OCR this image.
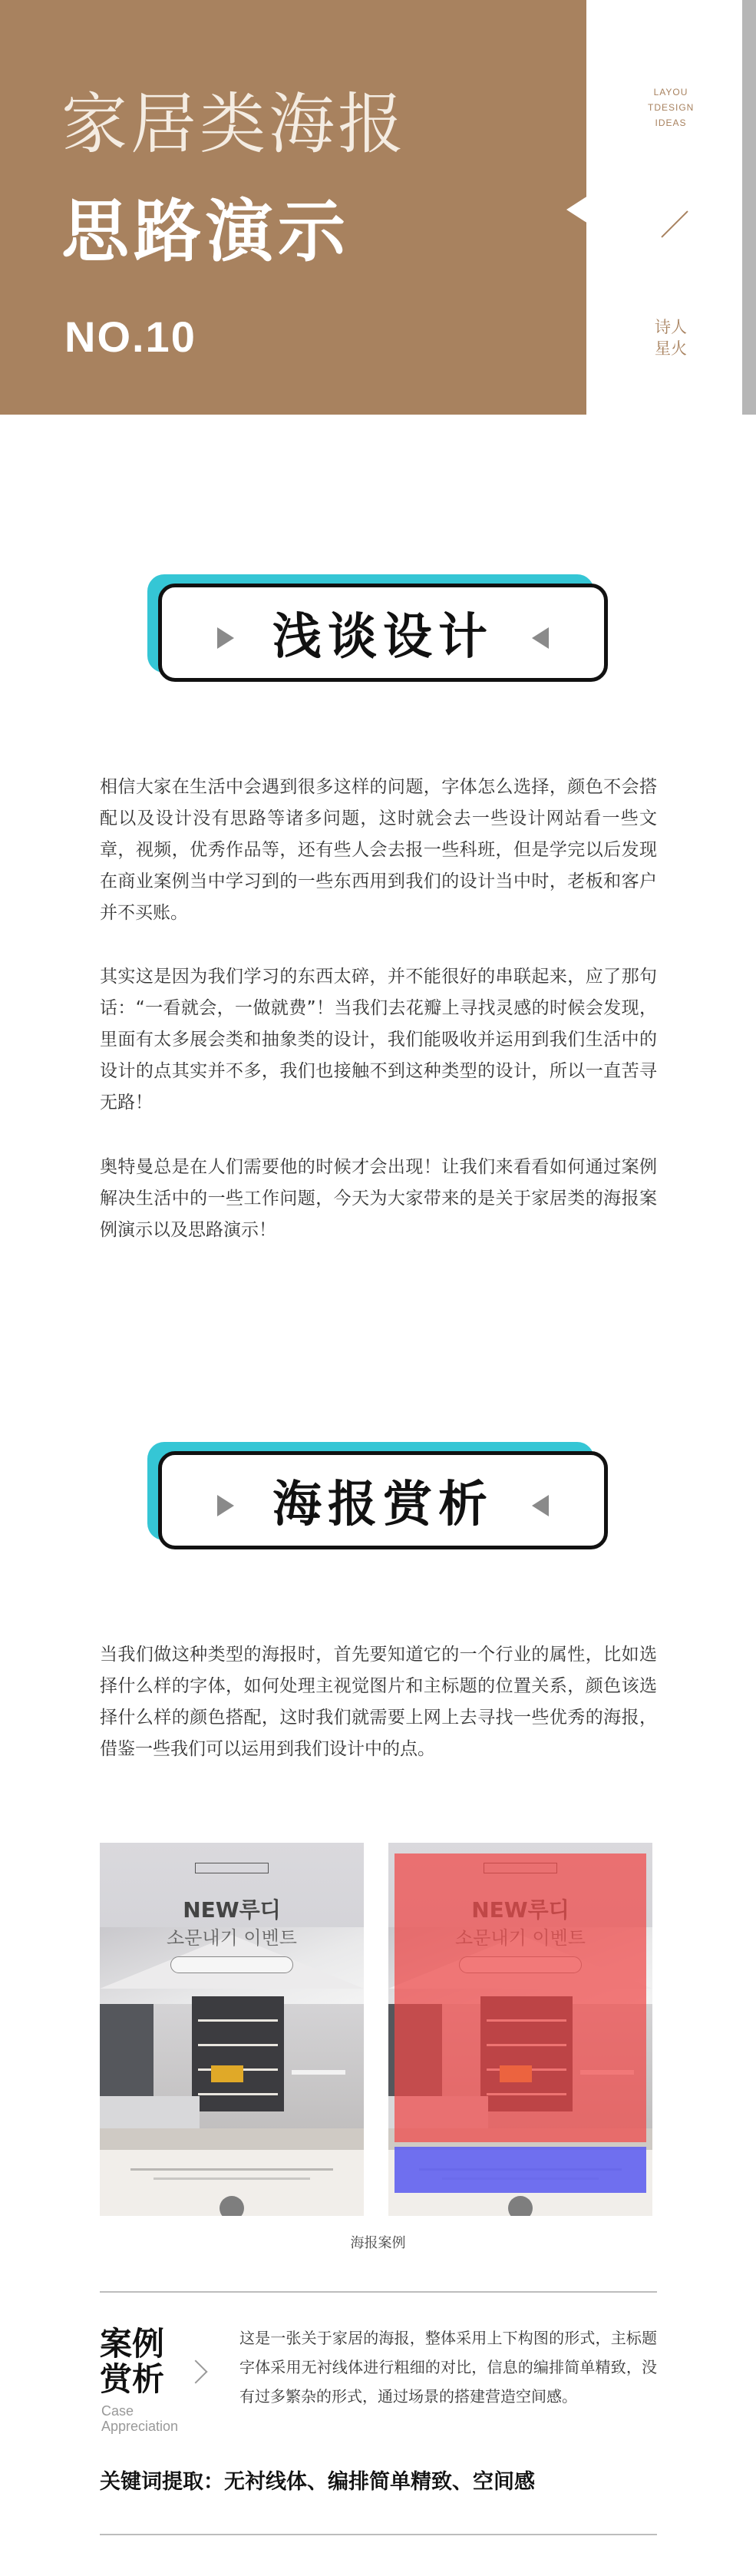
家居类海报
思路演示
NO.10
LAYOU
TDESIGN
IDEAS
诗人
星火
浅谈设计
相信大家在生活中会遇到很多这样的问题，字体怎么选择，颜色不会搭配以及设计没有思路等诸多问题，这时就会去一些设计网站看一些文章，视频，优秀作品等，还有些人会去报一些科班，但是学完以后发现在商业案例当中学习到的一些东西用到我们的设计当中时，老板和客户并不买账。
其实这是因为我们学习的东西太碎，并不能很好的串联起来，应了那句话：“一看就会，一做就费”！当我们去花瓣上寻找灵感的时候会发现，里面有太多展会类和抽象类的设计，我们能吸收并运用到我们生活中的设计的点其实并不多，我们也接触不到这种类型的设计，所以一直苦寻无路！
奥特曼总是在人们需要他的时候才会出现！让我们来看看如何通过案例解决生活中的一些工作问题，今天为大家带来的是关于家居类的海报案例演示以及思路演示！
海报赏析
当我们做这种类型的海报时，首先要知道它的一个行业的属性，比如选择什么样的字体，如何处理主视觉图片和主标题的位置关系，颜色该选择什么样的颜色搭配，这时我们就需要上网上去寻找一些优秀的海报，借鉴一些我们可以运用到我们设计中的点。
NEW루디
소문내기 이벤트
海报案例
案例
赏析
Case
Appreciation
这是一张关于家居的海报，整体采用上下构图的形式，主标题字体采用无衬线体进行粗细的对比，信息的编排简单精致，没有过多繁杂的形式，通过场景的搭建营造空间感。
关键词提取：无衬线体、编排简单精致、空间感
